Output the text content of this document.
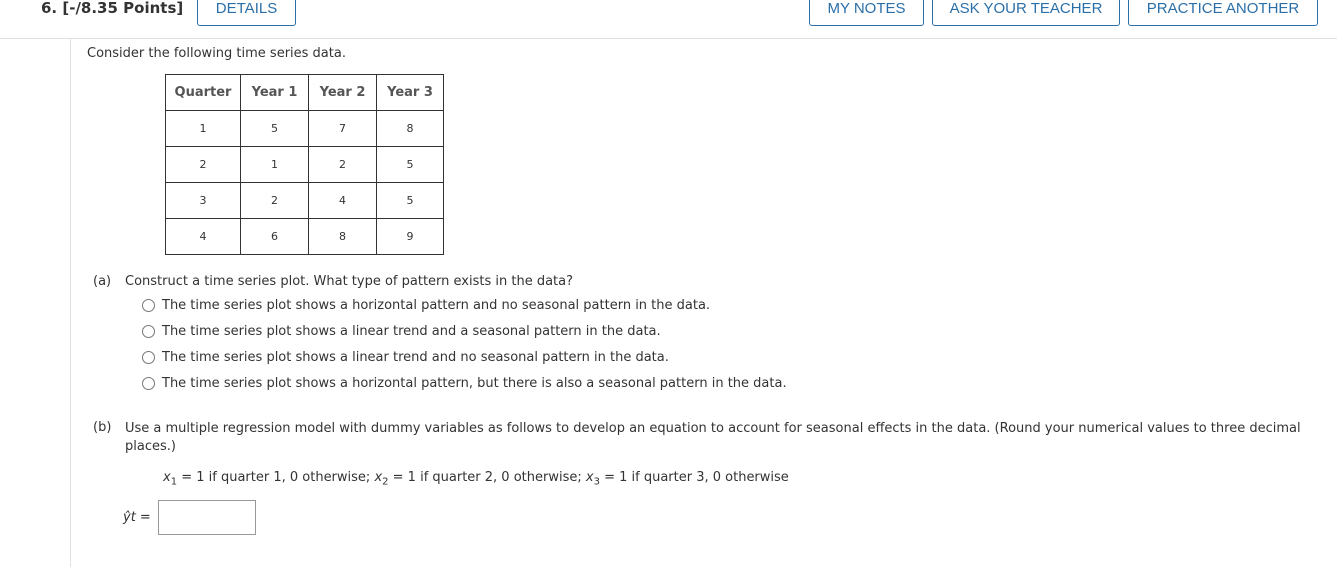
6. [-/8.35 Points]	DETAILS	MY NOTES	ASK YOUR TEACHER	PRACTICE ANOTHER
Consider the following time series data.
Quarter	Year 1	Year 2	Year 3
1	5	7	8
2	1	2	5
3	2	4	5
4	6	8	9
(a) Construct a time series plot. What type of pattern exists in the data?
The time series plot shows a horizontal pattern and no seasonal pattern in the data.
The time series plot shows a linear trend and a seasonal pattern in the data.
The time series plot shows a linear trend and no seasonal pattern in the data.
The time series plot shows a horizontal pattern, but there is also a seasonal pattern in the data.
(b) Use a multiple regression model with dummy variables as follows to develop an equation to account for seasonal effects in the data. (Round your numerical values to three decimal places.)
$x_1 = 1$ if quarter 1, 0 otherwise; $x_2 = 1$ if quarter 2, 0 otherwise; $x_3 = 1$ if quarter 3, 0 otherwise
ŷt =
